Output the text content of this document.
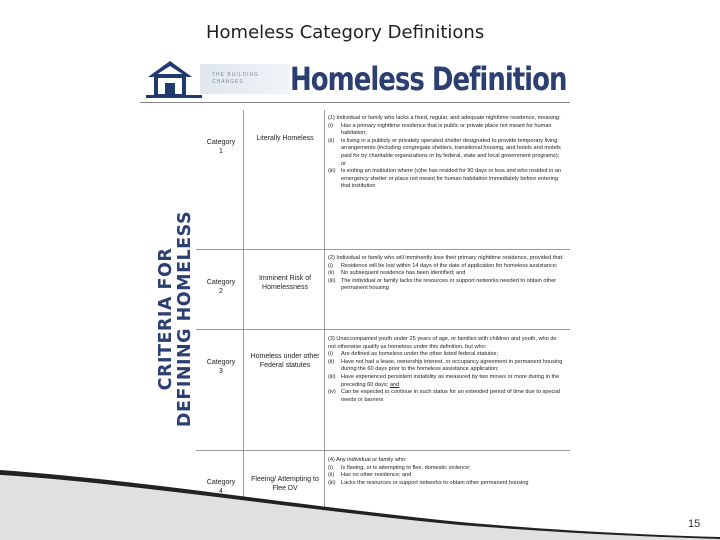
Homeless Category Definitions
THE BUILDING
CHANGES	Homeless Definition
CRITERIA FOR DEFINING HOMELESS
Category
1
Literally Homeless

(1) Individual or family who lacks a fixed, regular, and adequate nighttime residence, meaning:

(i) Has a primary nighttime residence that is public or private place not meant for human habitation;

(ii) Is living in a publicly or privately operated shelter designated to provide temporary living arrangements (including congregate shelters, transitional housing, and hotels and motels paid for by charitable organizations or by federal, state and local government programs); or

(iii) Is exiting an institution where (s)he has resided for 90 days or less and who resided in an emergency shelter or place not meant for human habitation immediately before entering that institution

Category
2
Imminent Risk of Homelessness

(2) Individual or family who will imminently lose their primary nighttime residence, provided that:

(i) Residence will be lost within 14 days of the date of application for homeless assistance;

(ii) No subsequent residence has been identified; and

(iii) The individual or family lacks the resources or support networks needed to obtain other permanent housing

Category
3
Homeless under other Federal statutes

(3) Unaccompanied youth under 25 years of age, or families with children and youth, who do not otherwise qualify as homeless under this definition, but who:

(i) Are defined as homeless under the other listed federal statutes;

(ii) Have not had a lease, ownership interest, or occupancy agreement in permanent housing during the 60 days prior to the homeless assistance application;

(iii) Have experienced persistent instability as measured by two moves or more during in the preceding 60 days; and

(iv) Can be expected to continue in such status for an extended period of time due to special needs or barriers

Category
4
Fleeing/ Attempting to Flee DV

(4) Any individual or family who:

(i) Is fleeing, or is attempting to flee, domestic violence;

(ii) Has no other residence; and

(iii) Lacks the resources or support networks to obtain other permanent housing

15
